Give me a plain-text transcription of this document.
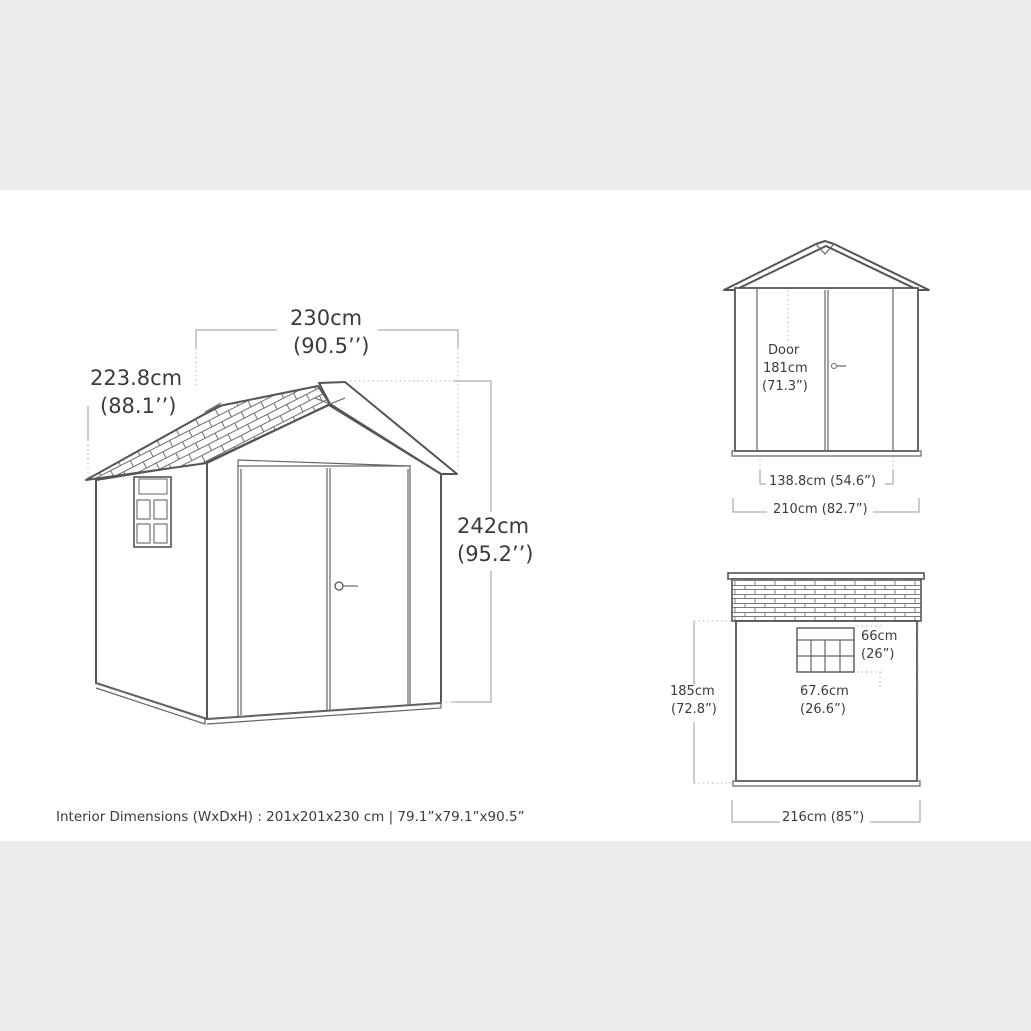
230cm
(90.5’’)
223.8cm
(88.1’’)
242cm
(95.2’’)
Door
181cm
(71.3”)
138.8cm (54.6”)
210cm (82.7”)
66cm
(26”)
67.6cm
(26.6”)
185cm
(72.8”)
216cm (85”)
Interior Dimensions (WxDxH) : 201x201x230 cm | 79.1”x79.1”x90.5”
